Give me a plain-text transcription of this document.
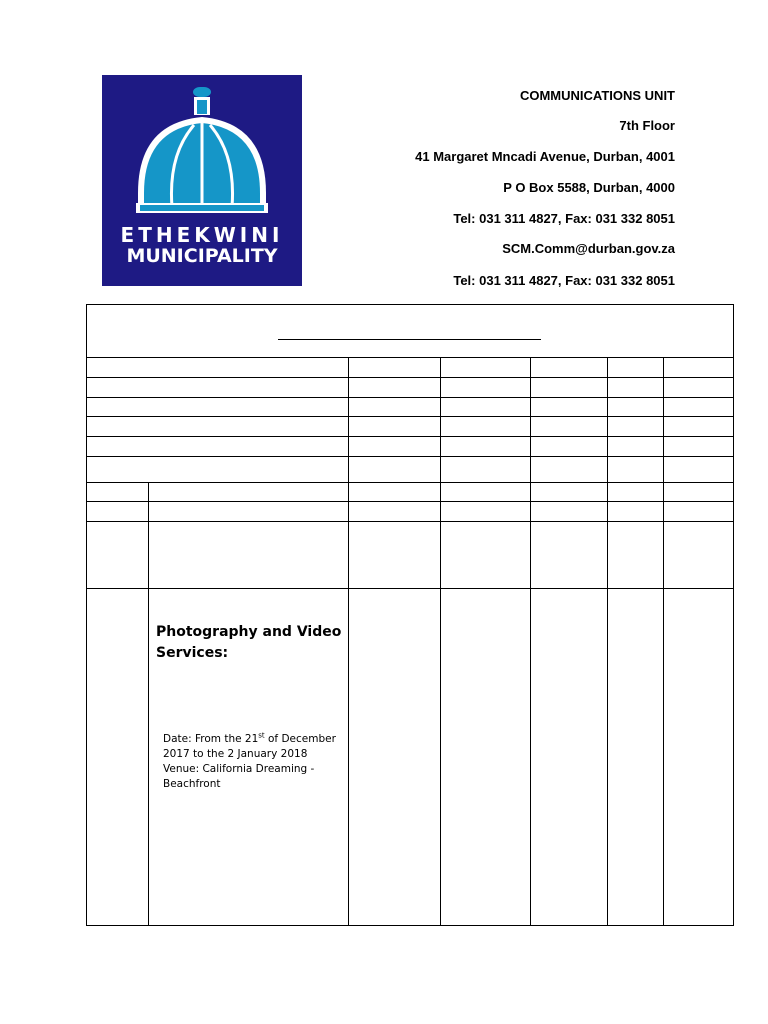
ETHEKWINI
MUNICIPALITY
COMMUNICATIONS UNIT
7th Floor
41 Margaret Mncadi Avenue, Durban, 4001
P O Box 5588, Durban, 4000
Tel: 031 311 4827, Fax: 031 332 8051
SCM.Comm@durban.gov.za
Tel: 031 311 4827, Fax: 031 332 8051
Photography and Video Services:
Date: From the 21st of December 2017 to the 2 January 2018
Venue: California Dreaming - Beachfront
